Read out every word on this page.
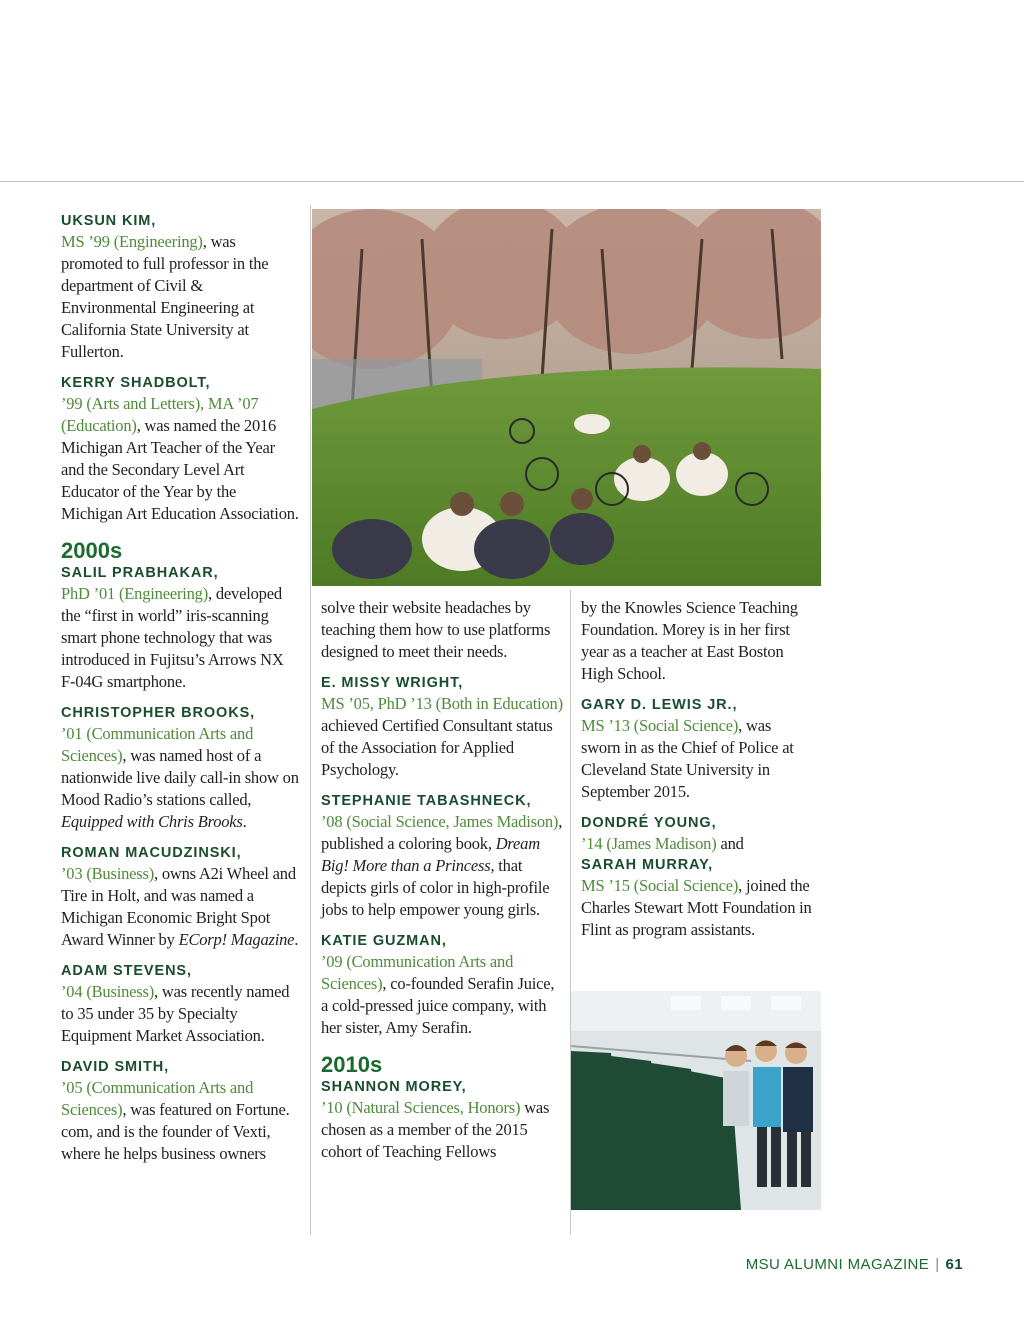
UKSUN KIM,
MS ’99 (Engineering), was promoted to full professor in the department of Civil & Environmental Engineering at California State University at Fullerton.
KERRY SHADBOLT,
’99 (Arts and Letters), MA ’07 (Education), was named the 2016 Michigan Art Teacher of the Year and the Secondary Level Art Educator of the Year by the Michigan Art Education Association.
2000s
SALIL PRABHAKAR,
PhD ’01 (Engineering), developed the “first in world” iris-scanning smart phone technology that was introduced in Fujitsu’s Arrows NX F-04G smartphone.
CHRISTOPHER BROOKS,
’01 (Communication Arts and Sciences), was named host of a nationwide live daily call-in show on Mood Radio’s stations called, Equipped with Chris Brooks.
ROMAN MACUDZINSKI,
’03 (Business), owns A2i Wheel and Tire in Holt, and was named a Michigan Economic Bright Spot Award Winner by ECorp! Magazine.
ADAM STEVENS,
’04 (Business), was recently named to 35 under 35 by Specialty Equipment Market Association.
DAVID SMITH,
’05 (Communication Arts and Sciences), was featured on Fortune. com, and is the founder of Vexti, where he helps business owners
solve their website headaches by teaching them how to use platforms designed to meet their needs.
E. MISSY WRIGHT,
MS ’05, PhD ’13 (Both in Education) achieved Certified Consultant status of the Association for Applied Psychology.
STEPHANIE TABASHNECK,
’08 (Social Science, James Madison), published a coloring book, Dream Big! More than a Princess, that depicts girls of color in high-profile jobs to help empower young girls.
KATIE GUZMAN,
’09 (Communication Arts and Sciences), co-founded Serafin Juice, a cold-pressed juice company, with her sister, Amy Serafin.
2010s
SHANNON MOREY,
’10 (Natural Sciences, Honors) was chosen as a member of the 2015 cohort of Teaching Fellows
by the Knowles Science Teaching Foundation. Morey is in her first year as a teacher at East Boston High School.
GARY D. LEWIS JR.,
MS ’13 (Social Science), was sworn in as the Chief of Police at Cleveland State University in September 2015.
DONDRÉ YOUNG,
’14 (James Madison) and
SARAH MURRAY,
MS ’15 (Social Science), joined the Charles Stewart Mott Foundation in Flint as program assistants.
MSU ALUMNI MAGAZINE | 61
